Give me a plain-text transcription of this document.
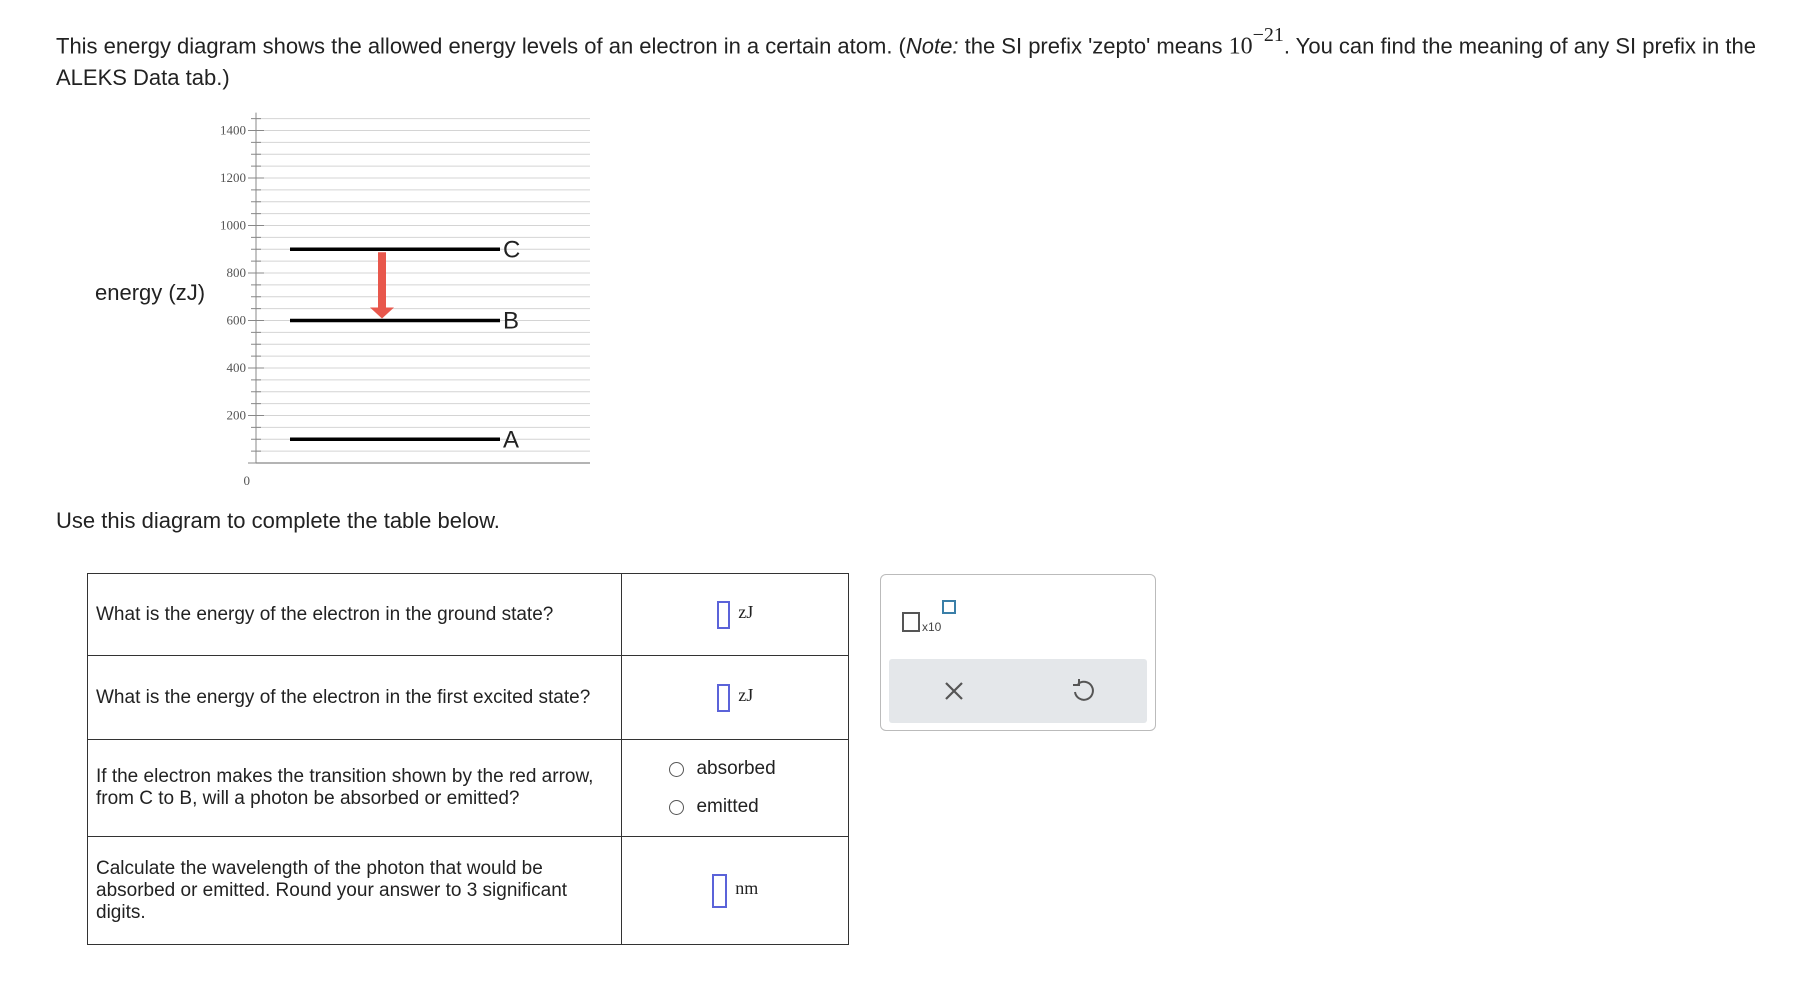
This energy diagram shows the allowed energy levels of an electron in a certain atom. (Note: the SI prefix 'zepto' means $10^{-21}$. You can find the meaning of any SI prefix in the ALEKS Data tab.)
energy (zJ)
1400
1200
1000
800
600
400
200
0
A
B
C
Use this diagram to complete the table below.
What is the energy of the electron in the ground state?	zJ

What is the energy of the electron in the first excited state?	zJ

If the electron makes the transition shown by the red arrow, from C to B, will a photon be absorbed or emitted?	absorbed
emitted

Calculate the wavelength of the photon that would be absorbed or emitted. Round your answer to 3 significant digits.	nm
x10
